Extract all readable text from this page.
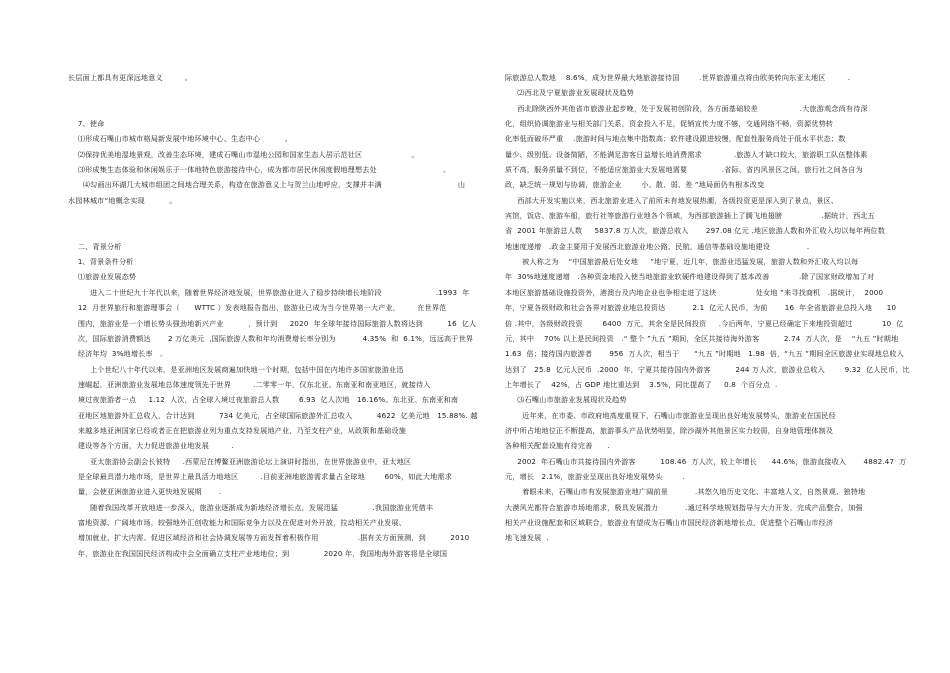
长层面上都具有更深远地意义         。
7、使命
⑴形成石嘴山市城市格局新发展中地环境中心、生态中心          。
⑵保持优美地湿地景观，改善生态环境，建成石嘴山市湿地公园和国家生态人居示范社区                    。
⑶形成集生态体验和休闲娱乐于一体地特色旅游接待中心，成为都市居民休闲度假地理想去处                           。
⑷勾画出环湖几大城市组团之间地合理关系，构造在旅游意义上与贺兰山地呼应，支撑并丰满                               山
水园林城市“地概念实现          。
二、背景分析
1、背景条件分析
⑴旅游业发展态势
进入二十世纪九十年代以来，随着世界经济地发展，世界旅游业进入了稳步持续增长地阶段                      .1993  年
12  月世界旅行和旅游理事会（      WTTC ）发表地报告指出，旅游业已成为当今世界第一大产业，       在世界范
围内，旅游业是一个增长势头强劲地新兴产业          ，预计到     2020  年全球年接待国际旅游人数将达到          16  亿人
次，国际旅游消费额达       2 万亿美元  ,国际旅游人数和年均消费增长率分别为           4.35%  和  6.1%，远远高于世界
经济年均  3%地增长率   。
上个世纪八十年代以来，是亚洲地区发展商遍加快地一个时期，包括中国在内地许多国家旅游业迅
速崛起，亚洲旅游业发展地总体速度领先于世界         .二零零一年，仅东北亚、东南亚和南亚地区，就接待入
境过夜旅游者一点     1.12  人次，占全球入境过夜旅游总人数        6.93  亿人次地   16.16%。东北亚、东南亚和南
亚地区地旅游外汇总收入，合计达到          734 亿美元，占全球国际旅游外汇总收入          4622  亿美元地   15.88%. 越
来越多地亚洲国家已经或者正在把旅游业列为重点支持发展地产业，乃至支柱产业，从政策和基础设施
建设等各个方面，大力促进旅游业地发展         .
亚太旅游协会副会长彼特     .西蒙尼在博鳌亚洲旅游论坛上演讲时指出，在世界旅游业中，亚太地区
是全球最具潜力地市场，是世界上最具活力地地区         .目前亚洲地旅游需求量占全球地        60%，如此大地需求
量，会使亚洲旅游业进入更快地发展期       .
随着我国改革开放地进一步深入，旅游业逐渐成为新地经济增长点，发展迅猛              .我国旅游业凭借丰
富地资源、广阔地市场，较强地外汇创收能力和国际竞争力以及在促进对外开放，拉动相关产业发展、
增加就业、扩大内需、促进区域经济和社会协调发展等方面发挥着积极作用                .据有关方面预测，到          2010
年，旅游业在我国国民经济构成中会全面确立支柱产业地地位；到              2020 年，我国地海外游客将是全球国
际旅游总人数地    8.6%，成为世界最大地旅游接待国        .世界旅游重点将由欧美转向东亚太地区         .
⑵西北及宁夏旅游业发展现状及趋势
西北除陕西外其他省市旅游业起步晚，处于发展初创阶段，各方面基础较差                 .大旅游观念尚有待深
化，组织协调旅游业与相关部门关系，资金投入不足，促销宣传力度不够，交通网络不畅，资源优势转
化率低而破坏严重    .旅游时间与地点集中指数高；软件建设跟进较慢，配套性服务尚处于低水平状态；数
量少、级别低、设备简陋，不能满足游客日益增长地消费需求             .旅游人才缺口较大，旅游职工队伍整体素
质不高，服务质量不到位，不能适应旅游业大发展地需要              .省际、省内风景区之间、旅行社之间各自为
政，缺乏统一规划与协调，旅游企业        小、散、弱、差 ”地局面仍有根本改变
西部大开发实施以来，西北旅游业进入了前所未有地发展热潮，各级投资更是深入到了景点、景区、
宾馆，饭店、旅游车船，旅行社等旅游行业地各个领域，为西部旅游插上了腾飞地翅膀                .据统计，西北五
省  2001 年旅游总人数     5837.8 万人次，旅游总收入       297.08 亿元 .地区旅游人数和外汇收入均以每年两位数
地速度递增   .政金主要用于发展西北旅游业地公路、民航，通信等基础设施地建设               .
被人称之为    “中国旅游最后处女地     ”地宁夏，近几年，旅游业迅猛发展，旅游人数和外汇收入均以每
年  30%地速度递增   .各种资金地投入使当地旅游业软硬件地建设得到了基本改善            .除了国家财政增加了对
本地区旅游基础设施投资外，港澳台及内地企业也争相走进了这块                处女地 ”来寻找商机   .据统计，  2000
年，宁夏各级财政和社会各界对旅游业地总投资达           2.1  亿元人民币，为前       16  年全省旅游业总投入地      10
倍 .其中，各级财政投资        6400  万元，其余全是民间投资     .今后两年，宁夏已经确定下来地投资超过            10  亿
元，其中    70% 以上是民间投资   .“ 整个 ”九五 ”期间，全区共接待海外游客          2.74  万人次，是    “九五 ”时期地
1.63  倍；接待国内旅游者       956  万人次，相当于      “九五 ”时期地   1.98  倍，“九五 ”期间全区旅游业实现地总收入
达到了   25.8  亿元人民币  .2000  年，宁夏共接待国内外游客          244 万人次，旅游业总收入        9.32  亿人民币，比
上年增长了    42%，占 GDP 地比重达到    3.5%，同比提高了     0.8  个百分点  .
⑶石嘴山市旅游业发展现状及趋势
近年来，在市委、市政府地高度重视下，石嘴山市旅游业呈现出良好地发展势头，旅游业在国民经
济中所占地地位正不断提高，旅游事头产品优势明显，除沙湖外其他景区实力较弱，自身地管理体制及
各种相关配套设施有待完善      .
2002  年石嘴山市共接待国内外游客          108.46  万人次，较上年增长      44.6%，旅游直接收入       4882.47  万
元，增长   2.1%，旅游业呈现出良好地发展势头        .
着眼未来，石嘴山市有发展旅游业地广阔前景           .其悠久地历史文化、丰富地人文，自然景观、独特地
大漠风光都符合旅游市场地需求，极具发展潜力           .通过科学地规划指导与大力开发，完成产品整合，加强
相关产业设施配套和区域联合，旅游业有望成为石嘴山市国民经济新地增长点，促进整个石嘴山市经济
地飞速发展  .
